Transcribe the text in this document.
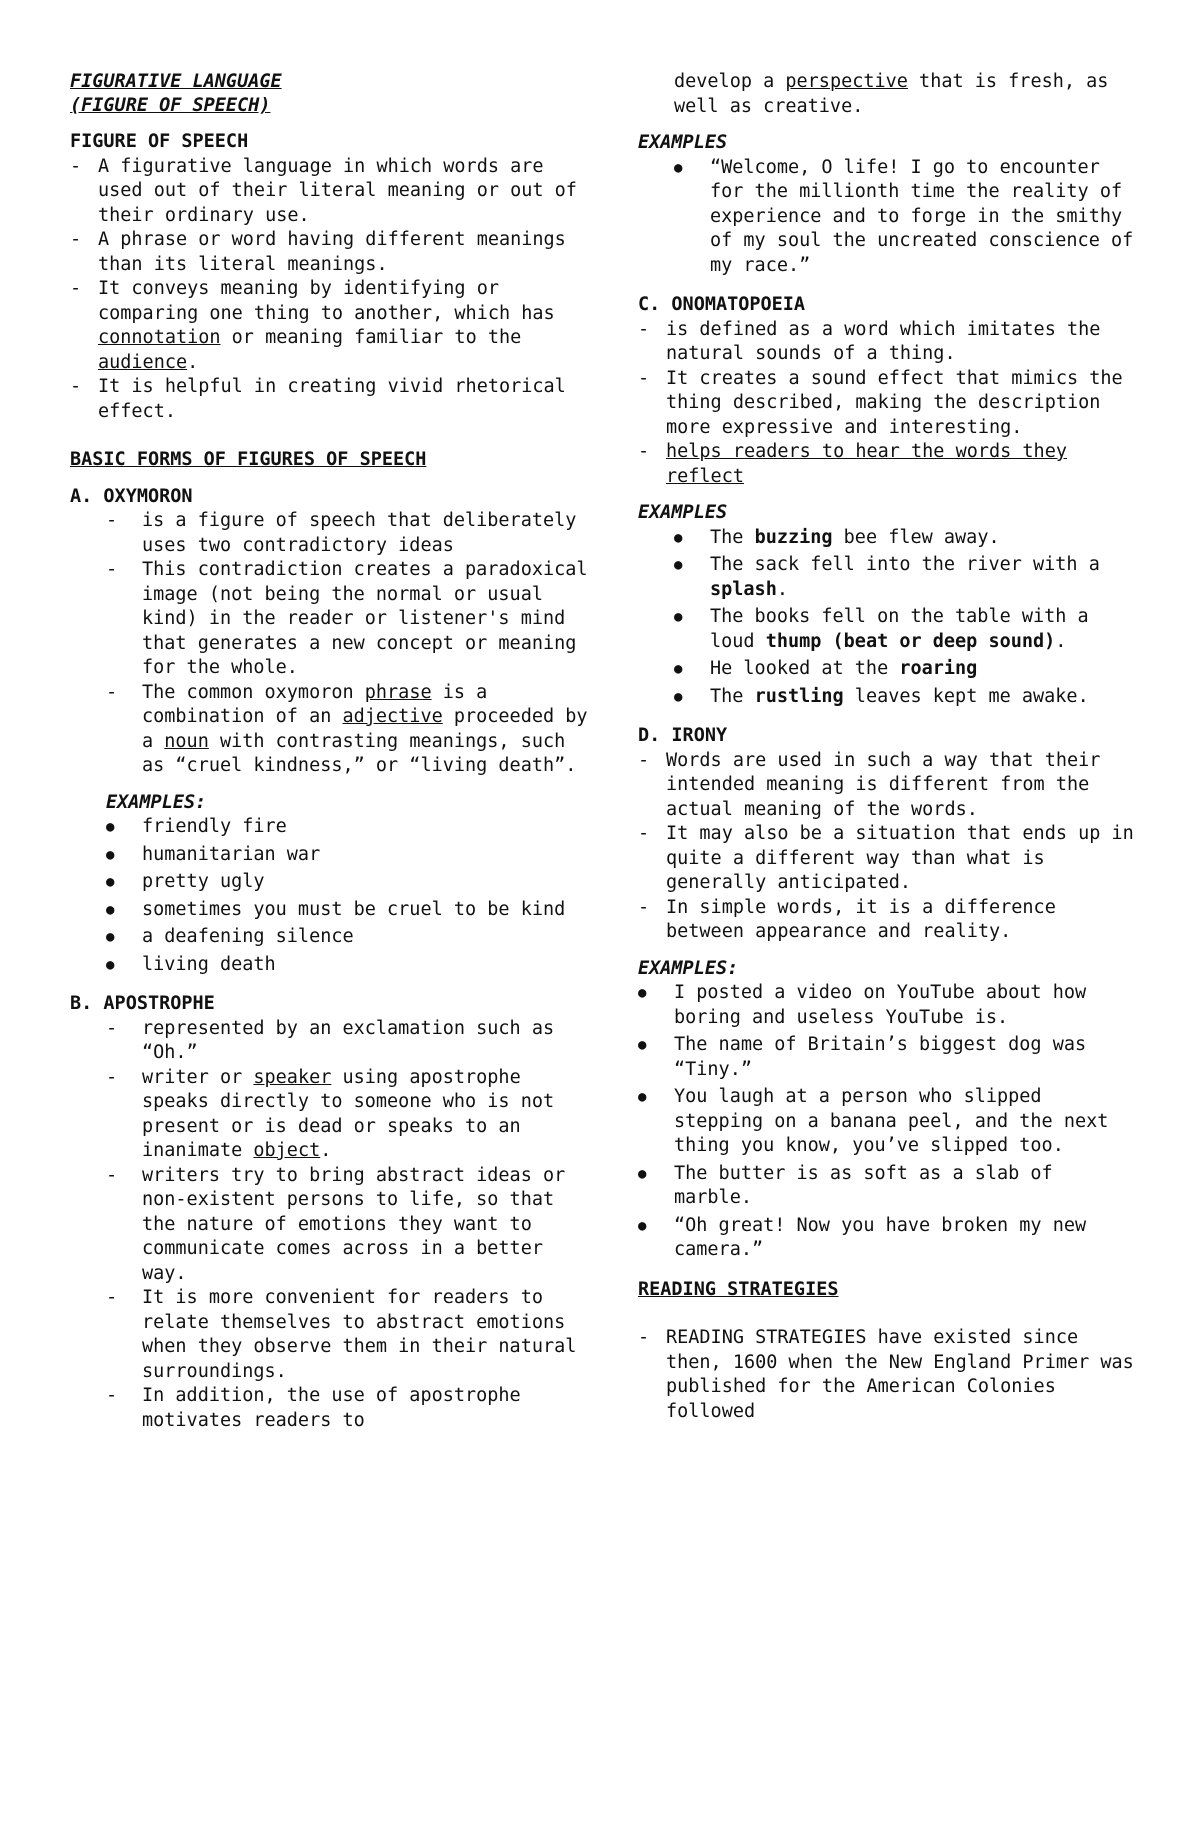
FIGURATIVE LANGUAGE
(FIGURE OF SPEECH)
FIGURE OF SPEECH
- A figurative language in which words are used out of their literal meaning or out of their ordinary use.
- A phrase or word having different meanings than its literal meanings.
- It conveys meaning by identifying or comparing one thing to another, which has connotation or meaning familiar to the audience.
- It is helpful in creating vivid rhetorical effect.
BASIC FORMS OF FIGURES OF SPEECH
A. OXYMORON
- is a figure of speech that deliberately uses two contradictory ideas
- This contradiction creates a paradoxical image (not being the normal or usual kind) in the reader or listener's mind that generates a new concept or meaning for the whole.
- The common oxymoron phrase is a combination of an adjective proceeded by a noun with contrasting meanings, such as “cruel kindness,” or “living death”.
EXAMPLES:
● friendly fire
● humanitarian war
● pretty ugly
● sometimes you must be cruel to be kind
● a deafening silence
● living death
B. APOSTROPHE
- represented by an exclamation such as “Oh.”
- writer or speaker using apostrophe speaks directly to someone who is not present or is dead or speaks to an inanimate object.
- writers try to bring abstract ideas or non-existent persons to life, so that the nature of emotions they want to communicate comes across in a better way.
- It is more convenient for readers to relate themselves to abstract emotions when they observe them in their natural surroundings.
- In addition, the use of apostrophe motivates readers to
develop a perspective that is fresh, as well as creative.
EXAMPLES
● “Welcome, O life! I go to encounter for the millionth time the reality of experience and to forge in the smithy of my soul the uncreated conscience of my race.”
C. ONOMATOPOEIA
- is defined as a word which imitates the natural sounds of a thing.
- It creates a sound effect that mimics the thing described, making the description more expressive and interesting.
- helps readers to hear the words they reflect
EXAMPLES
● The buzzing bee flew away.
● The sack fell into the river with a splash.
● The books fell on the table with a loud thump (beat or deep sound).
● He looked at the roaring
● The rustling leaves kept me awake.
D. IRONY
- Words are used in such a way that their intended meaning is different from the actual meaning of the words.
- It may also be a situation that ends up in quite a different way than what is generally anticipated.
- In simple words, it is a difference between appearance and reality.
EXAMPLES:
● I posted a video on YouTube about how boring and useless YouTube is.
● The name of Britain’s biggest dog was “Tiny.”
● You laugh at a person who slipped stepping on a banana peel, and the next thing you know, you’ve slipped too.
● The butter is as soft as a slab of marble.
● “Oh great! Now you have broken my new camera.”
READING STRATEGIES
- READING STRATEGIES have existed since then, 1600 when the New England Primer was published for the American Colonies followed
